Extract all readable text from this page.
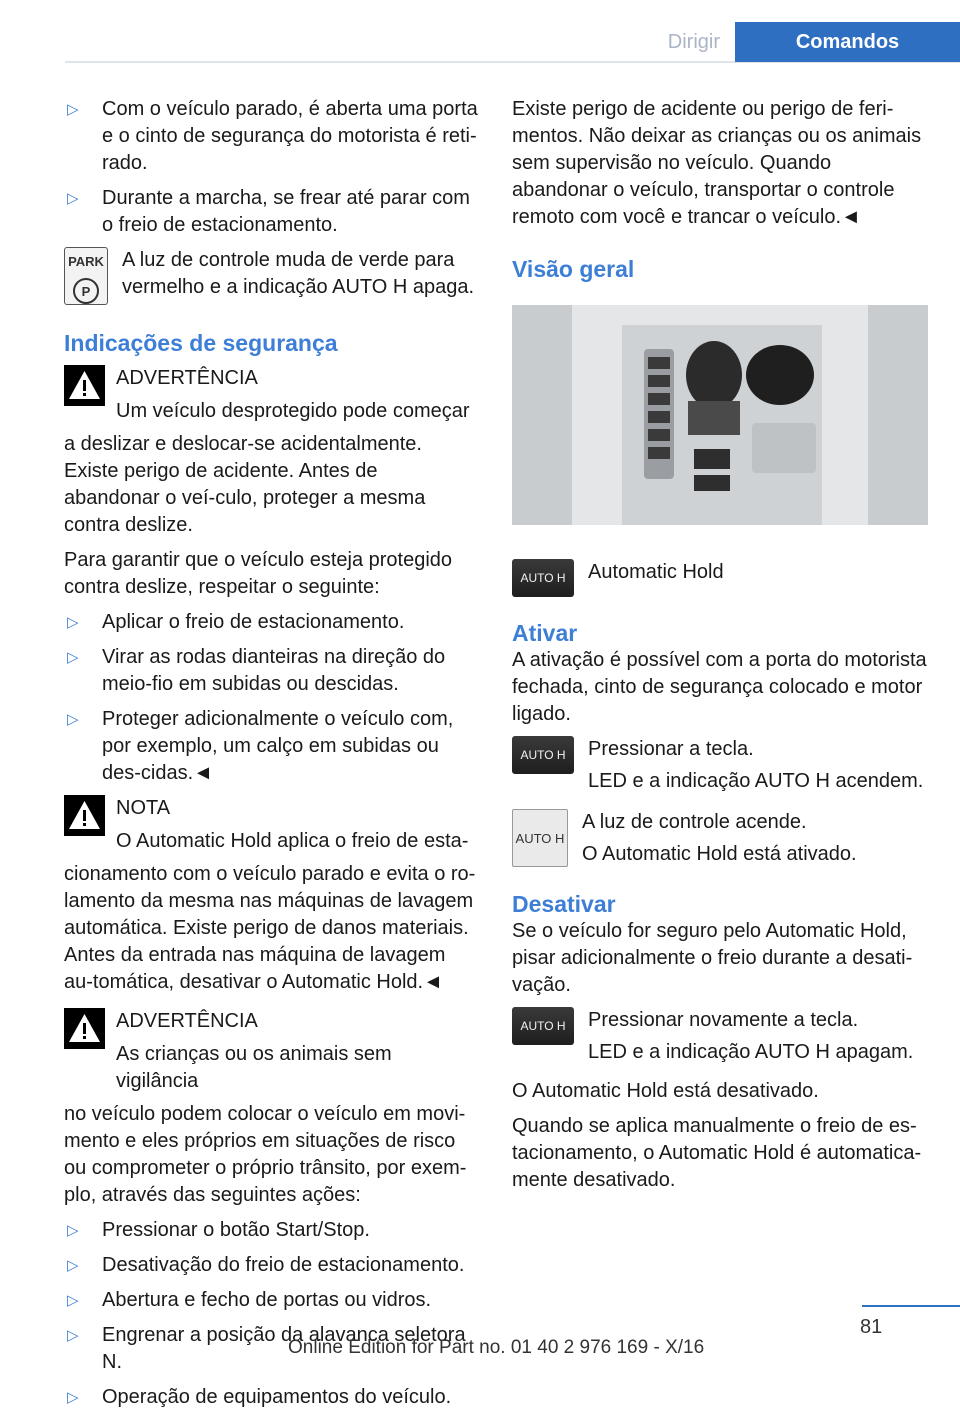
Dirigir	Comandos
▷	Com o veículo parado, é aberta uma porta e o cinto de segurança do motorista é reti-rado.
▷	Durante a marcha, se frear até parar com o freio de estacionamento.
PARK
P

A luz de controle muda de verde para vermelho e a indicação AUTO H apaga.

Indicações de segurança

ADVERTÊNCIA

Um veículo desprotegido pode começar

a deslizar e deslocar-se acidentalmente. Existe perigo de acidente. Antes de abandonar o veí-culo, proteger a mesma contra deslize.

Para garantir que o veículo esteja protegido contra deslize, respeitar o seguinte:

▷	Aplicar o freio de estacionamento.
▷	Virar as rodas dianteiras na direção do meio-fio em subidas ou descidas.
▷	Proteger adicionalmente o veículo com, por exemplo, um calço em subidas ou des-cidas.◄

NOTA

O Automatic Hold aplica o freio de esta-

cionamento com o veículo parado e evita o ro-lamento da mesma nas máquinas de lavagem automática. Existe perigo de danos materiais. Antes da entrada nas máquina de lavagem au-tomática, desativar o Automatic Hold.◄

ADVERTÊNCIA

As crianças ou os animais sem vigilância

no veículo podem colocar o veículo em movi-mento e eles próprios em situações de risco ou comprometer o próprio trânsito, por exem-plo, através das seguintes ações:

▷	Pressionar o botão Start/Stop.
▷	Desativação do freio de estacionamento.
▷	Abertura e fecho de portas ou vidros.
▷	Engrenar a posição da alavanca seletora N.
▷	Operação de equipamentos do veículo.

Existe perigo de acidente ou perigo de feri-mentos. Não deixar as crianças ou os animais sem supervisão no veículo. Quando abandonar o veículo, transportar o controle remoto com você e trancar o veículo.◄

Visão geral
AUTO H	Automatic Hold

Ativar

A ativação é possível com a porta do motorista fechada, cinto de segurança colocado e motor ligado.

AUTO H	Pressionar a tecla.

LED e a indicação AUTO H acendem.

AUTO H

A luz de controle acende.

O Automatic Hold está ativado.

Desativar

Se o veículo for seguro pelo Automatic Hold, pisar adicionalmente o freio durante a desati-vação.

AUTO H	Pressionar novamente a tecla.

LED e a indicação AUTO H apagam.

O Automatic Hold está desativado.

Quando se aplica manualmente o freio de es-tacionamento, o Automatic Hold é automatica-mente desativado.

81
Online Edition for Part no. 01 40 2 976 169 - X/16
